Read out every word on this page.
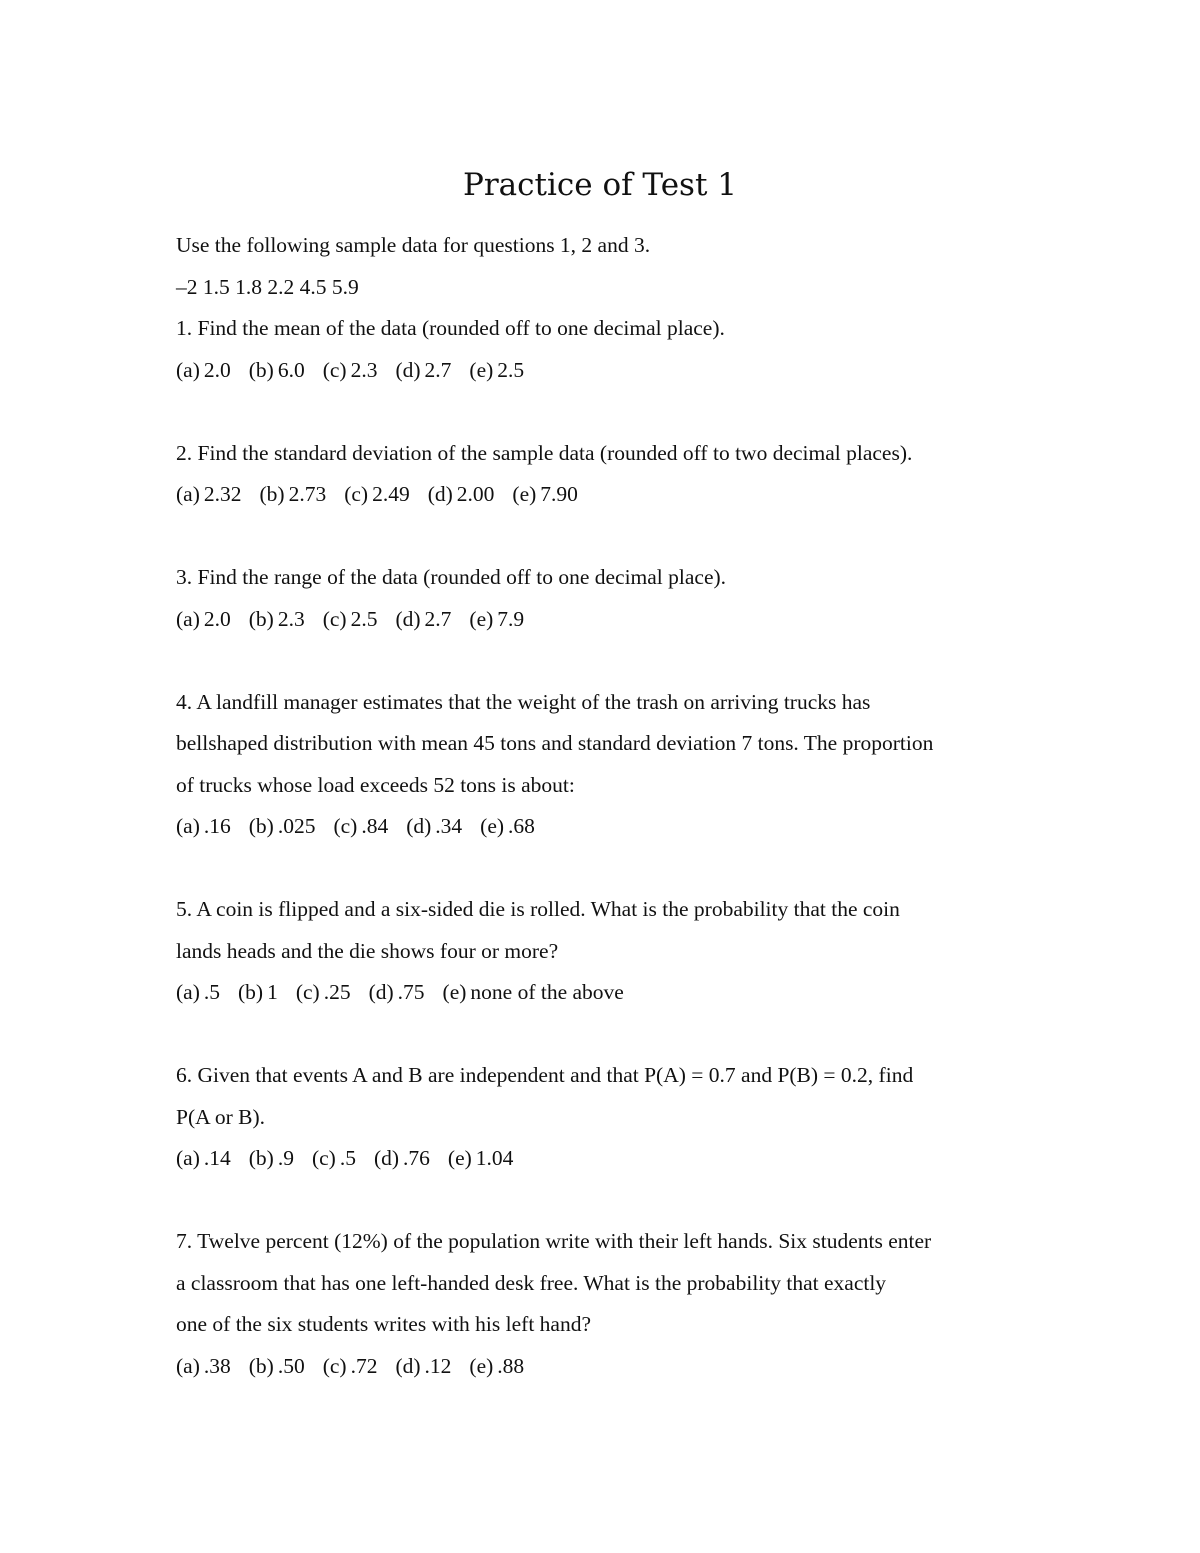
Practice of Test 1
Use the following sample data for questions 1, 2 and 3.
–2 1.5 1.8 2.2 4.5 5.9
1. Find the mean of the data (rounded off to one decimal place).
(a) 2.0 (b) 6.0 (c) 2.3 (d) 2.7 (e) 2.5
2. Find the standard deviation of the sample data (rounded off to two decimal places).
(a) 2.32 (b) 2.73 (c) 2.49 (d) 2.00 (e) 7.90
3. Find the range of the data (rounded off to one decimal place).
(a) 2.0 (b) 2.3 (c) 2.5 (d) 2.7 (e) 7.9
4. A landfill manager estimates that the weight of the trash on arriving trucks has
bellshaped distribution with mean 45 tons and standard deviation 7 tons. The proportion
of trucks whose load exceeds 52 tons is about:
(a) .16 (b) .025 (c) .84 (d) .34 (e) .68
5. A coin is flipped and a six-sided die is rolled. What is the probability that the coin
lands heads and the die shows four or more?
(a) .5 (b) 1 (c) .25 (d) .75 (e) none of the above
6. Given that events A and B are independent and that P(A) = 0.7 and P(B) = 0.2, find
P(A or B).
(a) .14 (b) .9 (c) .5 (d) .76 (e) 1.04
7. Twelve percent (12%) of the population write with their left hands. Six students enter
a classroom that has one left-handed desk free. What is the probability that exactly
one of the six students writes with his left hand?
(a) .38 (b) .50 (c) .72 (d) .12 (e) .88
